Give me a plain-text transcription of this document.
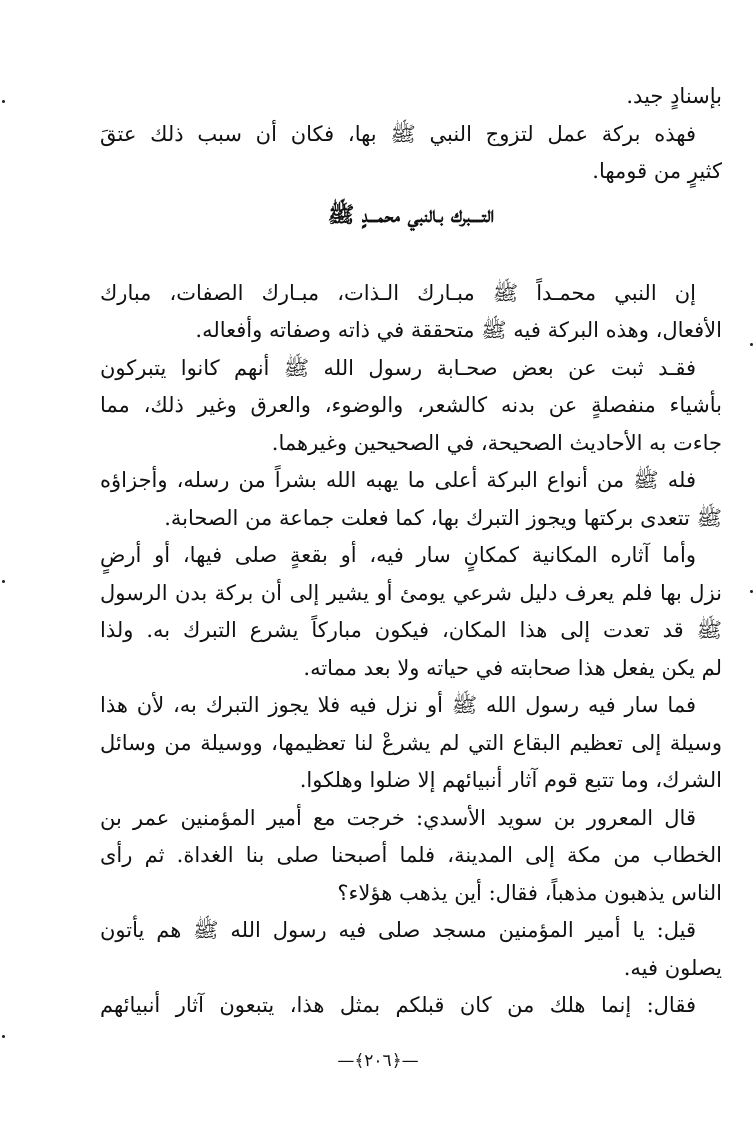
بإسنادٍ جيد.
فهذه بركة عمل لتزوج النبي ﷺ بها، فكان أن سبب ذلك عتقَ
كثيرٍ من قومها.
التــــبرك بـالنبي محمـــدٍ ﷺ
إن النبي محمـداً ﷺ مبـارك الـذات، مبـارك الصفات، مبارك
الأفعال، وهذه البركة فيه ﷺ متحققة في ذاته وصفاته وأفعاله.
فقـد ثبت عن بعض صحـابة رسول الله ﷺ أنهم كانوا يتبركون
بأشياء منفصلةٍ عن بدنه كالشعر، والوضوء، والعرق وغير ذلك، مما
جاءت به الأحاديث الصحيحة، في الصحيحين وغيرهما.
فله ﷺ من أنواع البركة أعلى ما يهبه الله بشراً من رسله، وأجزاؤه
ﷺ تتعدى بركتها ويجوز التبرك بها، كما فعلت جماعة من الصحابة.
وأما آثاره المكانية كمكانٍ سار فيه، أو بقعةٍ صلى فيها، أو أرضٍ
نزل بها فلم يعرف دليل شرعي يومئ أو يشير إلى أن بركة بدن الرسول
ﷺ قد تعدت إلى هذا المكان، فيكون مباركاً يشرع التبرك به. ولذا
لم يكن يفعل هذا صحابته في حياته ولا بعد مماته.
فما سار فيه رسول الله ﷺ أو نزل فيه فلا يجوز التبرك به، لأن هذا
وسيلة إلى تعظيم البقاع التي لم يشرعْ لنا تعظيمها، ووسيلة من وسائل
الشرك، وما تتبع قوم آثار أنبيائهم إلا ضلوا وهلكوا.
قال المعرور بن سويد الأسدي: خرجت مع أمير المؤمنين عمر بن
الخطاب من مكة إلى المدينة، فلما أصبحنا صلى بنا الغداة. ثم رأى
الناس يذهبون مذهباً، فقال: أين يذهب هؤلاء؟
قيل: يا أمير المؤمنين مسجد صلى فيه رسول الله ﷺ هم يأتون
يصلون فيه.
فقال: إنما هلك من كان قبلكم بمثل هذا، يتبعون آثار أنبيائهم
—﴿٢٠٦﴾—
